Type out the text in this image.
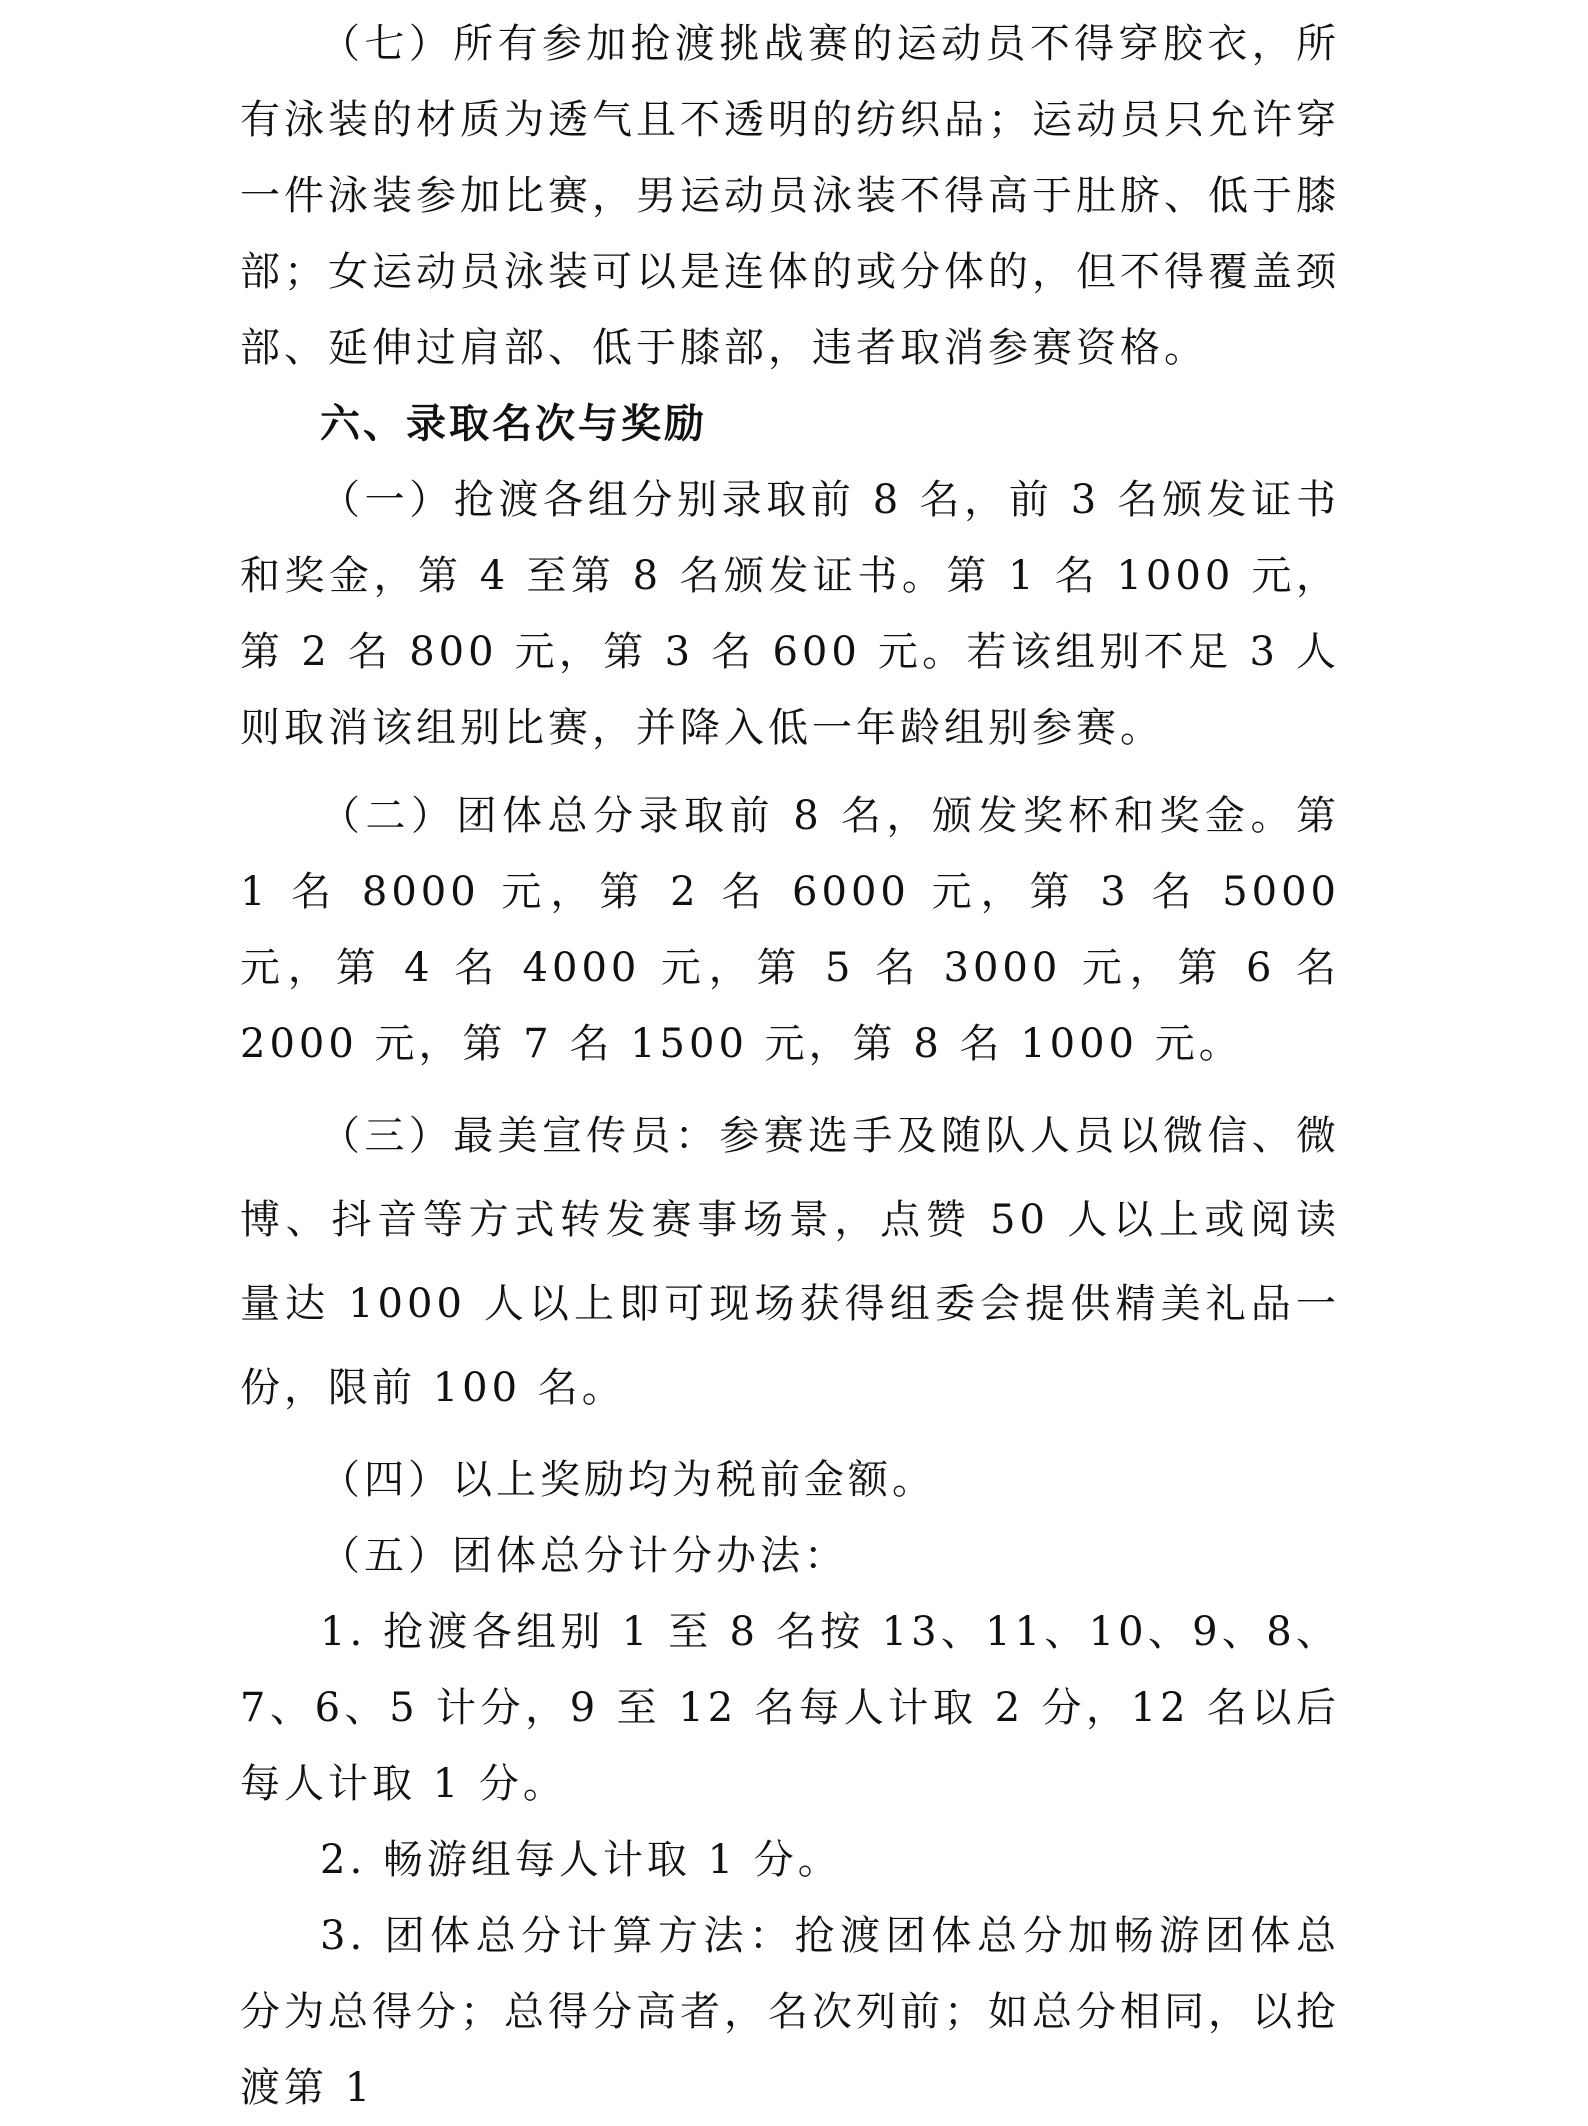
（七）所有参加抢渡挑战赛的运动员不得穿胶衣，所有泳装的材质为透气且不透明的纺织品；运动员只允许穿一件泳装参加比赛，男运动员泳装不得高于肚脐、低于膝部；女运动员泳装可以是连体的或分体的，但不得覆盖颈部、延伸过肩部、低于膝部，违者取消参赛资格。

六、录取名次与奖励

（一）抢渡各组分别录取前 8 名，前 3 名颁发证书和奖金，第 4 至第 8 名颁发证书。第 1 名 1000 元，第 2 名 800 元，第 3 名 600 元。若该组别不足 3 人则取消该组别比赛，并降入低一年龄组别参赛。

（二）团体总分录取前 8 名，颁发奖杯和奖金。第 1 名 8000 元，第 2 名 6000 元，第 3 名 5000 元，第 4 名 4000 元，第 5 名 3000 元，第 6 名 2000 元，第 7 名 1500 元，第 8 名 1000 元。

（三）最美宣传员：参赛选手及随队人员以微信、微博、抖音等方式转发赛事场景，点赞 50 人以上或阅读量达 1000 人以上即可现场获得组委会提供精美礼品一份，限前 100 名。

（四）以上奖励均为税前金额。

（五）团体总分计分办法：

1. 抢渡各组别 1 至 8 名按 13、11、10、9、8、7、6、5 计分，9 至 12 名每人计取 2 分，12 名以后每人计取 1 分。

2. 畅游组每人计取 1 分。

3. 团体总分计算方法：抢渡团体总分加畅游团体总分为总得分；总得分高者，名次列前；如总分相同，以抢渡第 1
